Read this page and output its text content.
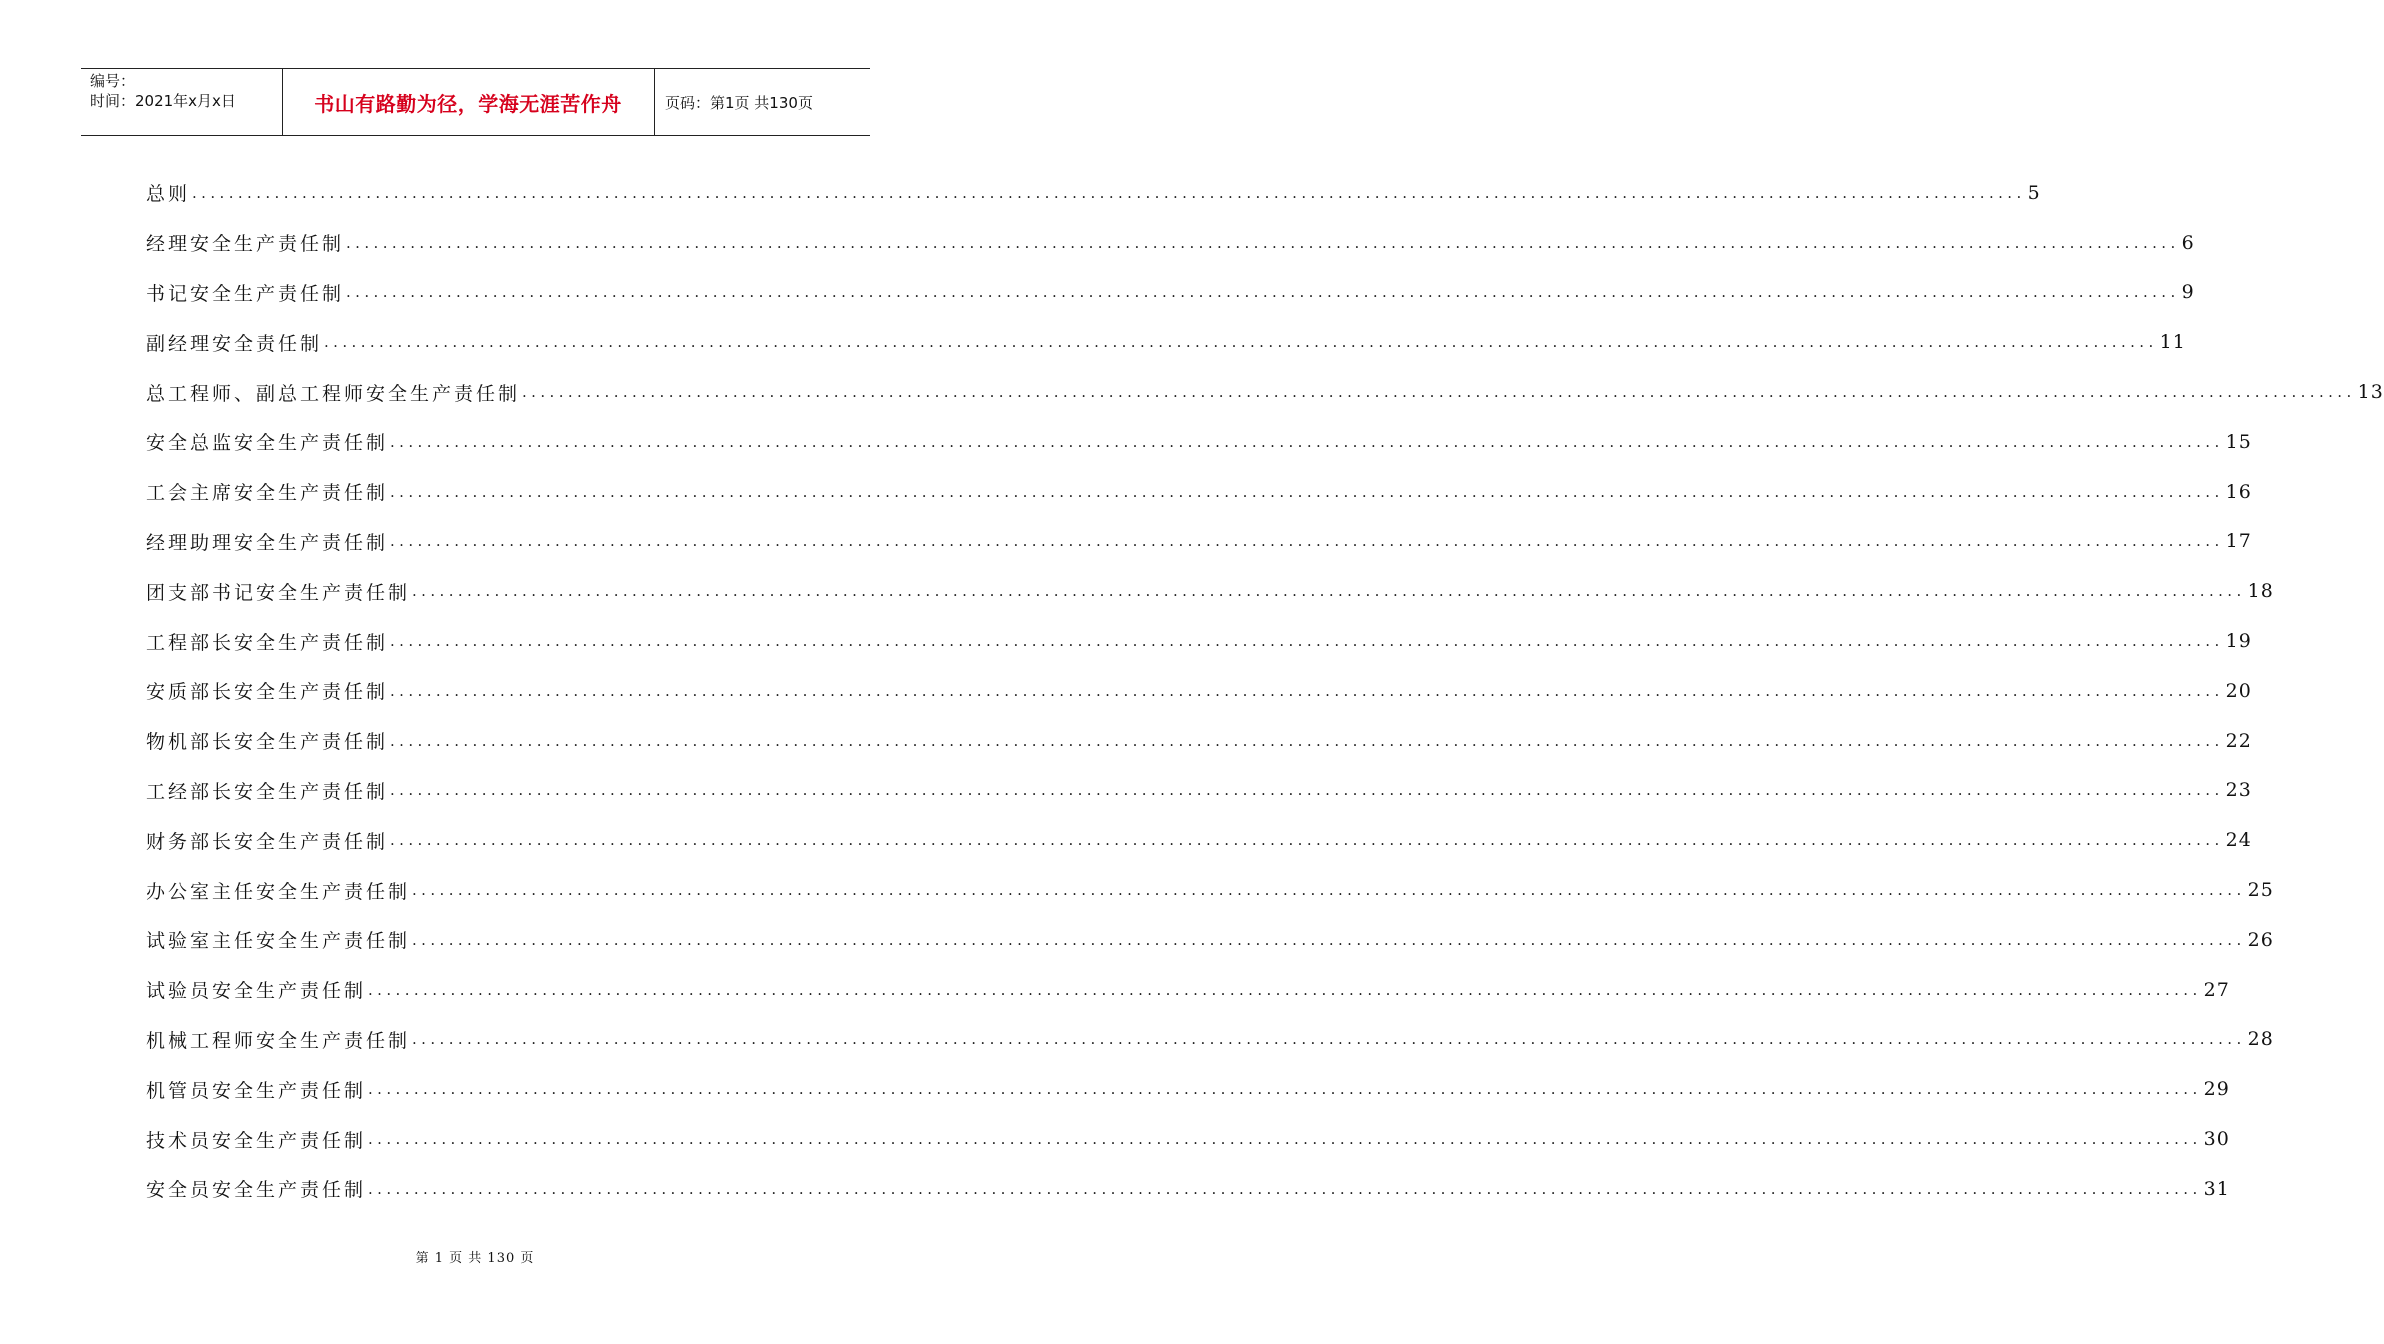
编号：
时间：2021年x月x日	书山有路勤为径，学海无涯苦作舟	页码：第1页 共130页
总则 ........................................................................................................................................................................................................ 5
经理安全生产责任制 ........................................................................................................................................................................................................ 6
书记安全生产责任制 ........................................................................................................................................................................................................ 9
副经理安全责任制 ........................................................................................................................................................................................................ 11
总工程师、副总工程师安全生产责任制 ........................................................................................................................................................................................................ 13
安全总监安全生产责任制 ........................................................................................................................................................................................................ 15
工会主席安全生产责任制 ........................................................................................................................................................................................................ 16
经理助理安全生产责任制 ........................................................................................................................................................................................................ 17
团支部书记安全生产责任制 ........................................................................................................................................................................................................ 18
工程部长安全生产责任制 ........................................................................................................................................................................................................ 19
安质部长安全生产责任制 ........................................................................................................................................................................................................ 20
物机部长安全生产责任制 ........................................................................................................................................................................................................ 22
工经部长安全生产责任制 ........................................................................................................................................................................................................ 23
财务部长安全生产责任制 ........................................................................................................................................................................................................ 24
办公室主任安全生产责任制 ........................................................................................................................................................................................................ 25
试验室主任安全生产责任制 ........................................................................................................................................................................................................ 26
试验员安全生产责任制 ........................................................................................................................................................................................................ 27
机械工程师安全生产责任制 ........................................................................................................................................................................................................ 28
机管员安全生产责任制 ........................................................................................................................................................................................................ 29
技术员安全生产责任制 ........................................................................................................................................................................................................ 30
安全员安全生产责任制 ........................................................................................................................................................................................................ 31
第 1 页 共 130 页
